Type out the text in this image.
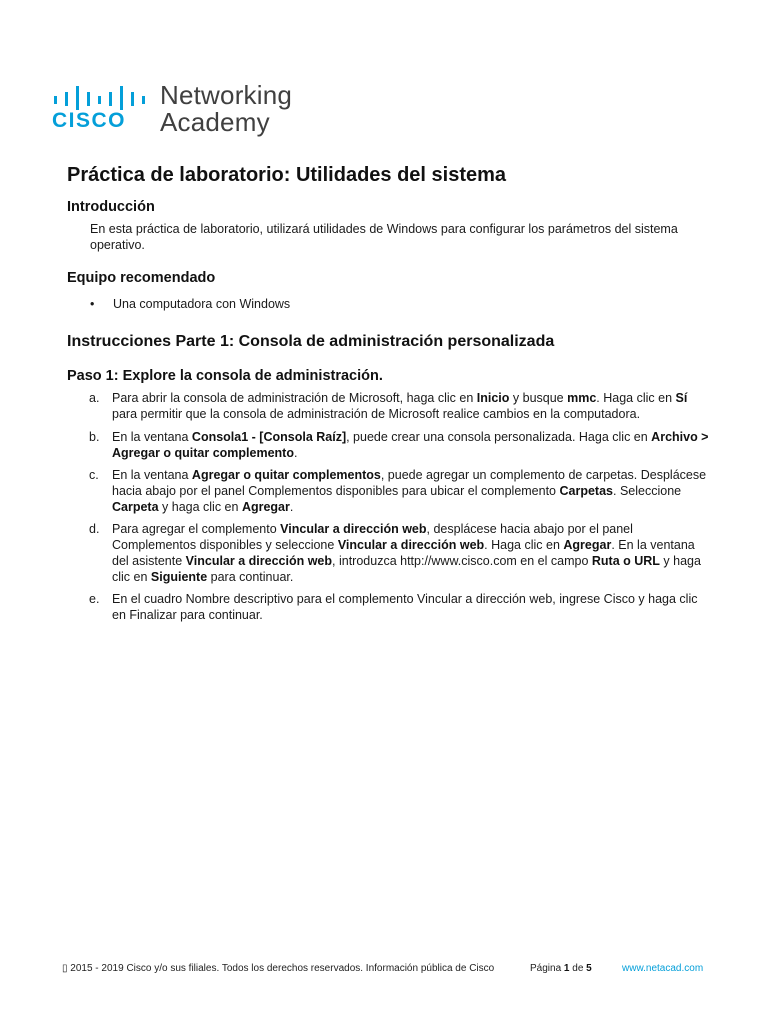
CISCO
Networking
Academy
Práctica de laboratorio: Utilidades del sistema
Introducción
En esta práctica de laboratorio, utilizará utilidades de Windows para configurar los parámetros del sistema operativo.
Equipo recomendado
• Una computadora con Windows
Instrucciones Parte 1: Consola de administración personalizada
Paso 1: Explore la consola de administración.
a.	Para abrir la consola de administración de Microsoft, haga clic en Inicio y busque mmc. Haga clic en Sí para permitir que la consola de administración de Microsoft realice cambios en la computadora.
b.	En la ventana Consola1 - [Consola Raíz], puede crear una consola personalizada. Haga clic en Archivo > Agregar o quitar complemento.
c.	En la ventana Agregar o quitar complementos, puede agregar un complemento de carpetas. Desplácese hacia abajo por el panel Complementos disponibles para ubicar el complemento Carpetas. Seleccione Carpeta y haga clic en Agregar.
d.	Para agregar el complemento Vincular a dirección web, desplácese hacia abajo por el panel Complementos disponibles y seleccione Vincular a dirección web. Haga clic en Agregar. En la ventana del asistente Vincular a dirección web, introduzca http://www.cisco.com en el campo Ruta o URL y haga clic en Siguiente para continuar.
e.	En el cuadro Nombre descriptivo para el complemento Vincular a dirección web, ingrese Cisco y haga clic en Finalizar para continuar.
▯ 2015 - 2019 Cisco y/o sus filiales. Todos los derechos reservados. Información pública de Cisco	Página 1 de 5	www.netacad.com
